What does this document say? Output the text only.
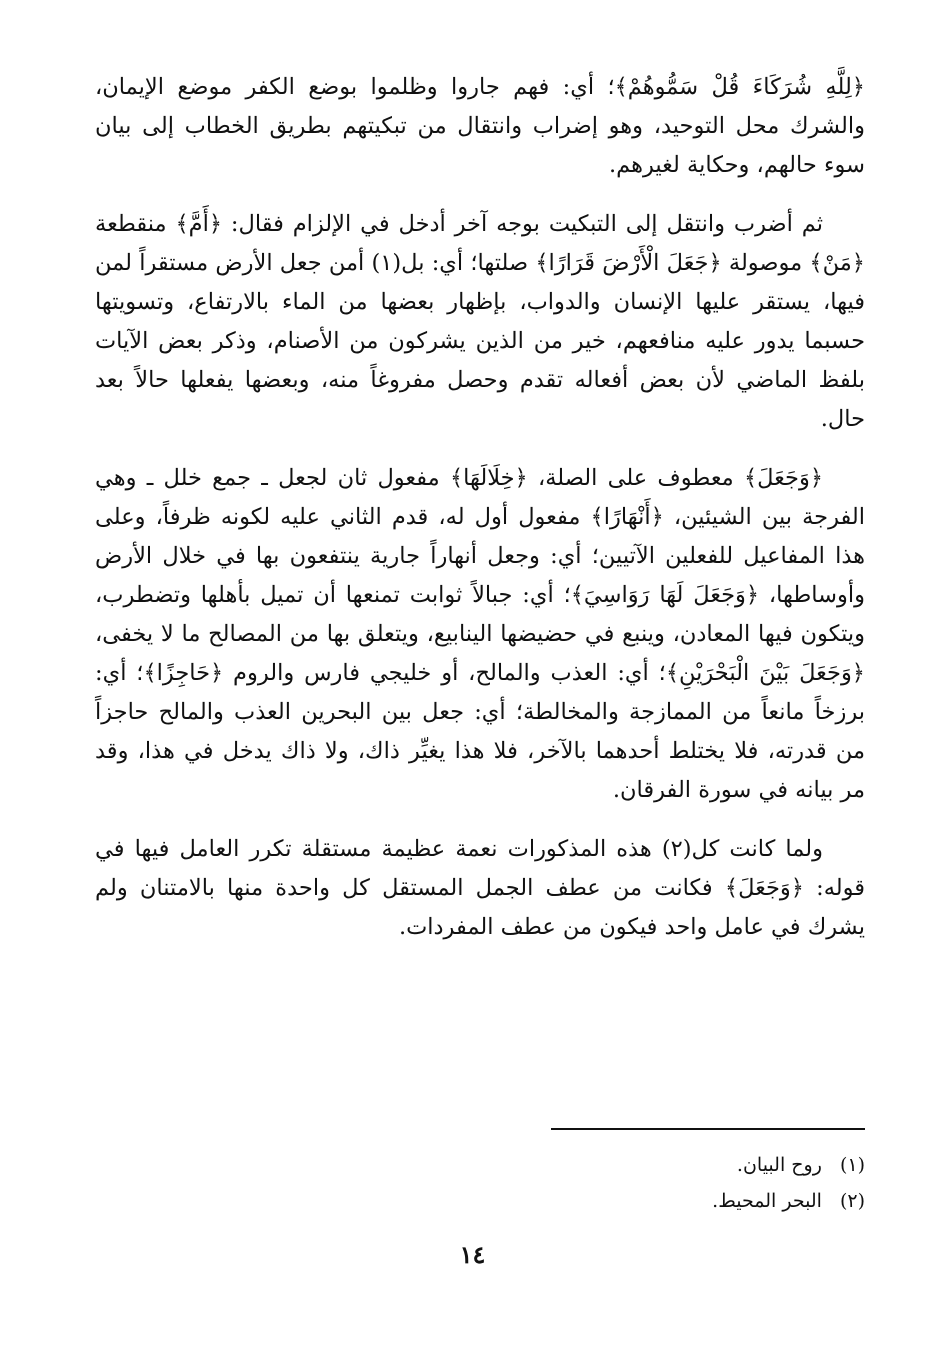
﴿لِلَّهِ شُرَكَاءَ قُلْ سَمُّوهُمْ﴾؛ أي: فهم جاروا وظلموا بوضع الكفر موضع الإيمان، والشرك محل التوحيد، وهو إضراب وانتقال من تبكيتهم بطريق الخطاب إلى بيان سوء حالهم، وحكاية لغيرهم.

ثم أضرب وانتقل إلى التبكيت بوجه آخر أدخل في الإلزام فقال: ﴿أَمَّ﴾ منقطعة ﴿مَنْ﴾ موصولة ﴿جَعَلَ الْأَرْضَ قَرَارًا﴾ صلتها؛ أي: بل(١) أمن جعل الأرض مستقراً لمن فيها، يستقر عليها الإنسان والدواب، بإظهار بعضها من الماء بالارتفاع، وتسويتها حسبما يدور عليه منافعهم، خير من الذين يشركون من الأصنام، وذكر بعض الآيات بلفظ الماضي لأن بعض أفعاله تقدم وحصل مفروغاً منه، وبعضها يفعلها حالاً بعد حال.

﴿وَجَعَلَ﴾ معطوف على الصلة، ﴿خِلَالَهَا﴾ مفعول ثان لجعل ـ جمع خلل ـ وهي الفرجة بين الشيئين، ﴿أَنْهَارًا﴾ مفعول أول له، قدم الثاني عليه لكونه ظرفاً، وعلى هذا المفاعيل للفعلين الآتيين؛ أي: وجعل أنهاراً جارية ينتفعون بها في خلال الأرض وأوساطها، ﴿وَجَعَلَ لَهَا رَوَاسِيَ﴾؛ أي: جبالاً ثوابت تمنعها أن تميل بأهلها وتضطرب، ويتكون فيها المعادن، وينبع في حضيضها الينابيع، ويتعلق بها من المصالح ما لا يخفى، ﴿وَجَعَلَ بَيْنَ الْبَحْرَيْنِ﴾؛ أي: العذب والمالح، أو خليجي فارس والروم ﴿حَاجِزًا﴾؛ أي: برزخاً مانعاً من الممازجة والمخالطة؛ أي: جعل بين البحرين العذب والمالح حاجزاً من قدرته، فلا يختلط أحدهما بالآخر، فلا هذا يغيِّر ذاك، ولا ذاك يدخل في هذا، وقد مر بيانه في سورة الفرقان.

ولما كانت كل(٢) هذه المذكورات نعمة عظيمة مستقلة تكرر العامل فيها في قوله: ﴿وَجَعَلَ﴾ فكانت من عطف الجمل المستقل كل واحدة منها بالامتنان ولم يشرك في عامل واحد فيكون من عطف المفردات.

(١) روح البيان.
(٢) البحر المحيط.
١٤
